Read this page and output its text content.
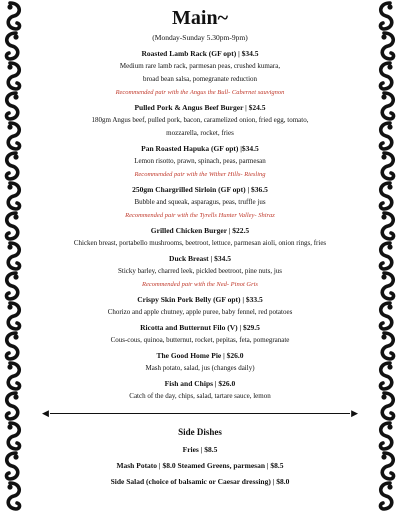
Main~
(Monday-Sunday 5.30pm-9pm)
Roasted Lamb Rack (GF opt) | $34.5
Medium rare lamb rack, parmesan peas, crushed kumara,
broad bean salsa, pomegranate reduction
Recommended pair with the Angus the Bull- Cabernet sauvignon
Pulled Pork & Angus Beef Burger | $24.5
180gm Angus beef, pulled pork, bacon, caramelized onion, fried egg, tomato,
mozzarella, rocket, fries
Pan Roasted Hapuka (GF opt) |$34.5
Lemon risotto, prawn, spinach, peas, parmesan
Recommended pair with the Wither Hills- Riesling
250gm Chargrilled Sirloin (GF opt) | $36.5
Bubble and squeak, asparagus, peas, truffle jus
Recommended pair with the Tyrells Hunter Valley- Shiraz
Grilled Chicken Burger | $22.5
Chicken breast, portabello mushrooms, beetroot, lettuce, parmesan aioli, onion rings, fries
Duck Breast | $34.5
Sticky barley, charred leek, pickled beetroot, pine nuts, jus
Recommended pair with the Ned- Pinot Gris
Crispy Skin Pork Belly (GF opt) | $33.5
Chorizo and apple chutney, apple puree, baby fennel, red potatoes
Ricotta and Butternut Filo (V) | $29.5
Cous-cous, quinoa, butternut, rocket, pepitas, feta, pomegranate
The Good Home Pie | $26.0
Mash potato, salad, jus (changes daily)
Fish and Chips | $26.0
Catch of the day, chips, salad, tartare sauce, lemon
◀	▶
Side Dishes
Fries | $8.5
Mash Potato | $8.0 Steamed Greens, parmesan | $8.5
Side Salad (choice of balsamic or Caesar dressing) | $8.0
